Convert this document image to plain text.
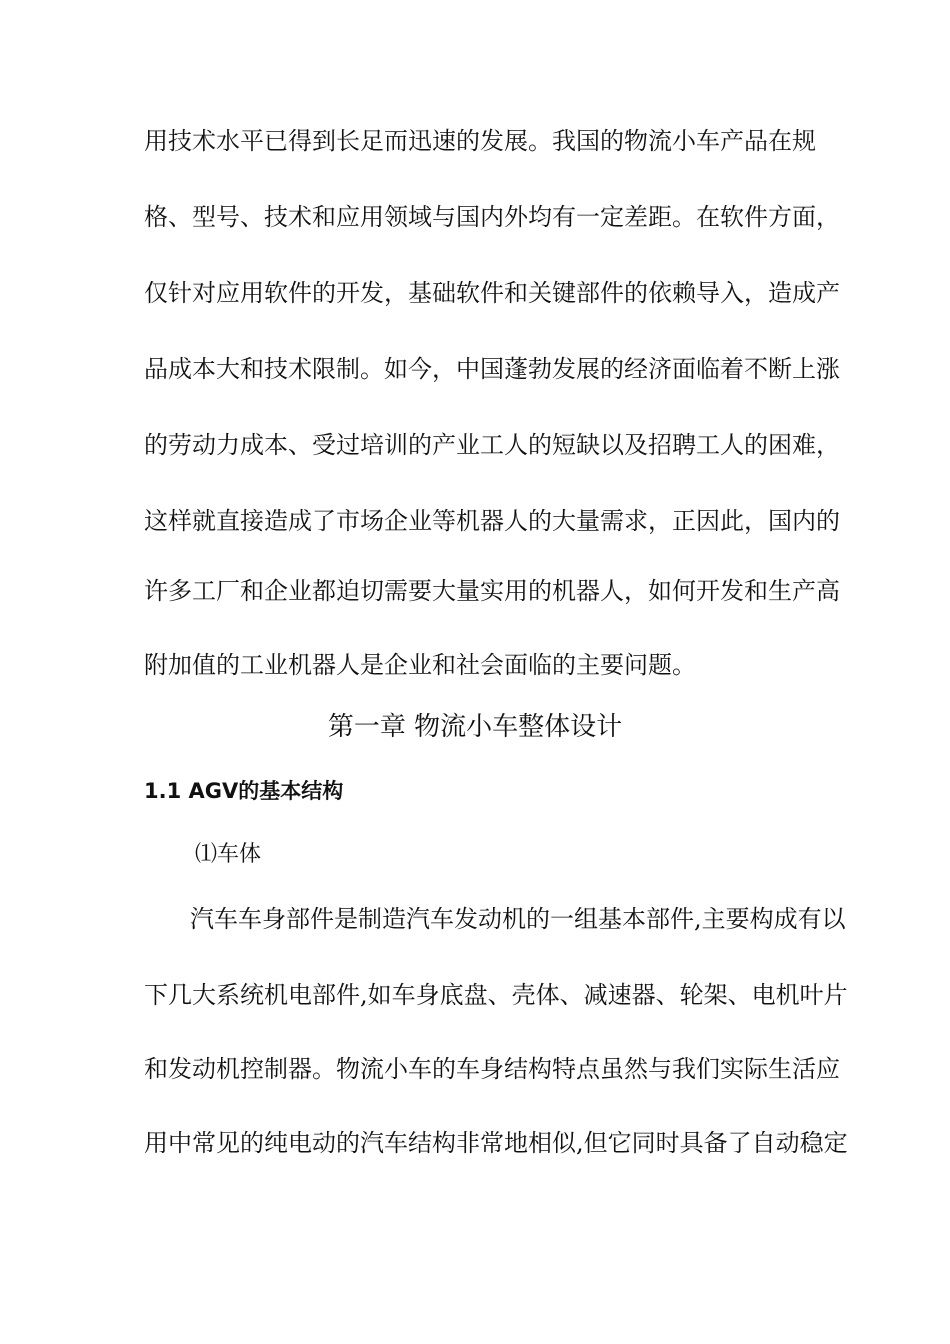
用技术水平已得到长足而迅速的发展。我国的物流小车产品在规
格、型号、技术和应用领域与国内外均有一定差距。在软件方面，
仅针对应用软件的开发，基础软件和关键部件的依赖导入，造成产
品成本大和技术限制。如今，中国蓬勃发展的经济面临着不断上涨
的劳动力成本、受过培训的产业工人的短缺以及招聘工人的困难，
这样就直接造成了市场企业等机器人的大量需求，正因此，国内的
许多工厂和企业都迫切需要大量实用的机器人，如何开发和生产高
附加值的工业机器人是企业和社会面临的主要问题。
第一章 物流小车整体设计
1.1 AGV的基本结构
⑴车体
汽车车身部件是制造汽车发动机的一组基本部件,主要构成有以
下几大系统机电部件,如车身底盘、壳体、减速器、轮架、电机叶片
和发动机控制器。物流小车的车身结构特点虽然与我们实际生活应
用中常见的纯电动的汽车结构非常地相似,但它同时具备了自动稳定
